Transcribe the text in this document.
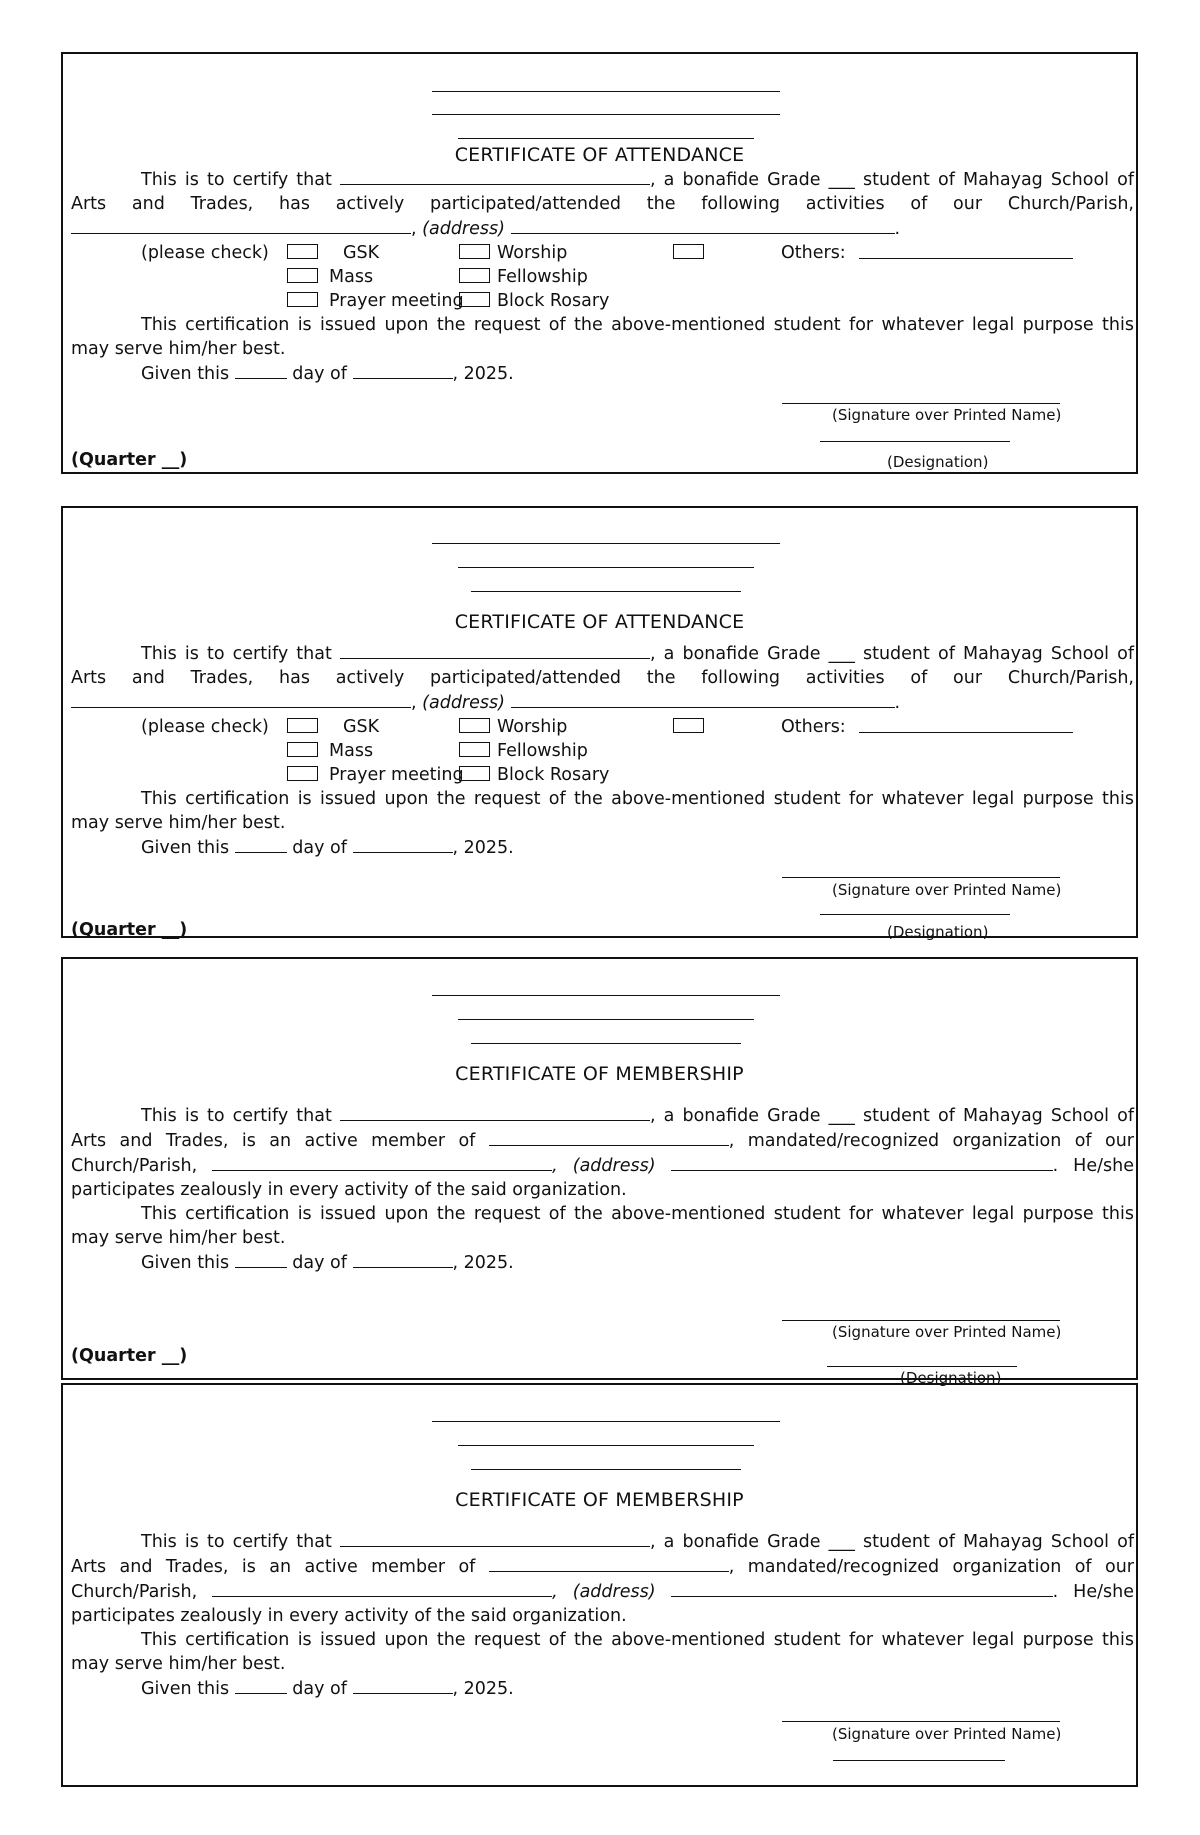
CERTIFICATE OF ATTENDANCE

This is to certify that	, a bonafide Grade ___ student of Mahayag School of

Arts and Trades, has actively participated/attended the following activities of our Church/Parish,

, (address)	.

(please check)	GSK	Worship	Others:
Mass	Fellowship
Prayer meeting Block Rosary

This certification is issued upon the request of the above-mentioned student for whatever legal purpose this

may serve him/her best.

Given this	day of	, 2025.

(Signature over Printed Name)
(Designation)
(Quarter __)
CERTIFICATE OF ATTENDANCE

This is to certify that	, a bonafide Grade ___ student of Mahayag School of

Arts and Trades, has actively participated/attended the following activities of our Church/Parish,

, (address)	.

(please check)	GSK	Worship	Others:
Mass	Fellowship
Prayer meeting Block Rosary

This certification is issued upon the request of the above-mentioned student for whatever legal purpose this

may serve him/her best.

Given this	day of	, 2025.

(Signature over Printed Name)
(Designation)
(Quarter __)
CERTIFICATE OF MEMBERSHIP

This is to certify that	, a bonafide Grade ___ student of Mahayag School of

Arts and Trades, is an active member of	, mandated/recognized organization of our

Church/Parish,	, (address)	. He/she

participates zealously in every activity of the said organization.

This certification is issued upon the request of the above-mentioned student for whatever legal purpose this

may serve him/her best.

Given this	day of	, 2025.

(Signature over Printed Name)
(Designation)
(Quarter __)
CERTIFICATE OF MEMBERSHIP

This is to certify that	, a bonafide Grade ___ student of Mahayag School of

Arts and Trades, is an active member of	, mandated/recognized organization of our

Church/Parish,	, (address)	. He/she

participates zealously in every activity of the said organization.

This certification is issued upon the request of the above-mentioned student for whatever legal purpose this

may serve him/her best.

Given this	day of	, 2025.

(Signature over Printed Name)
